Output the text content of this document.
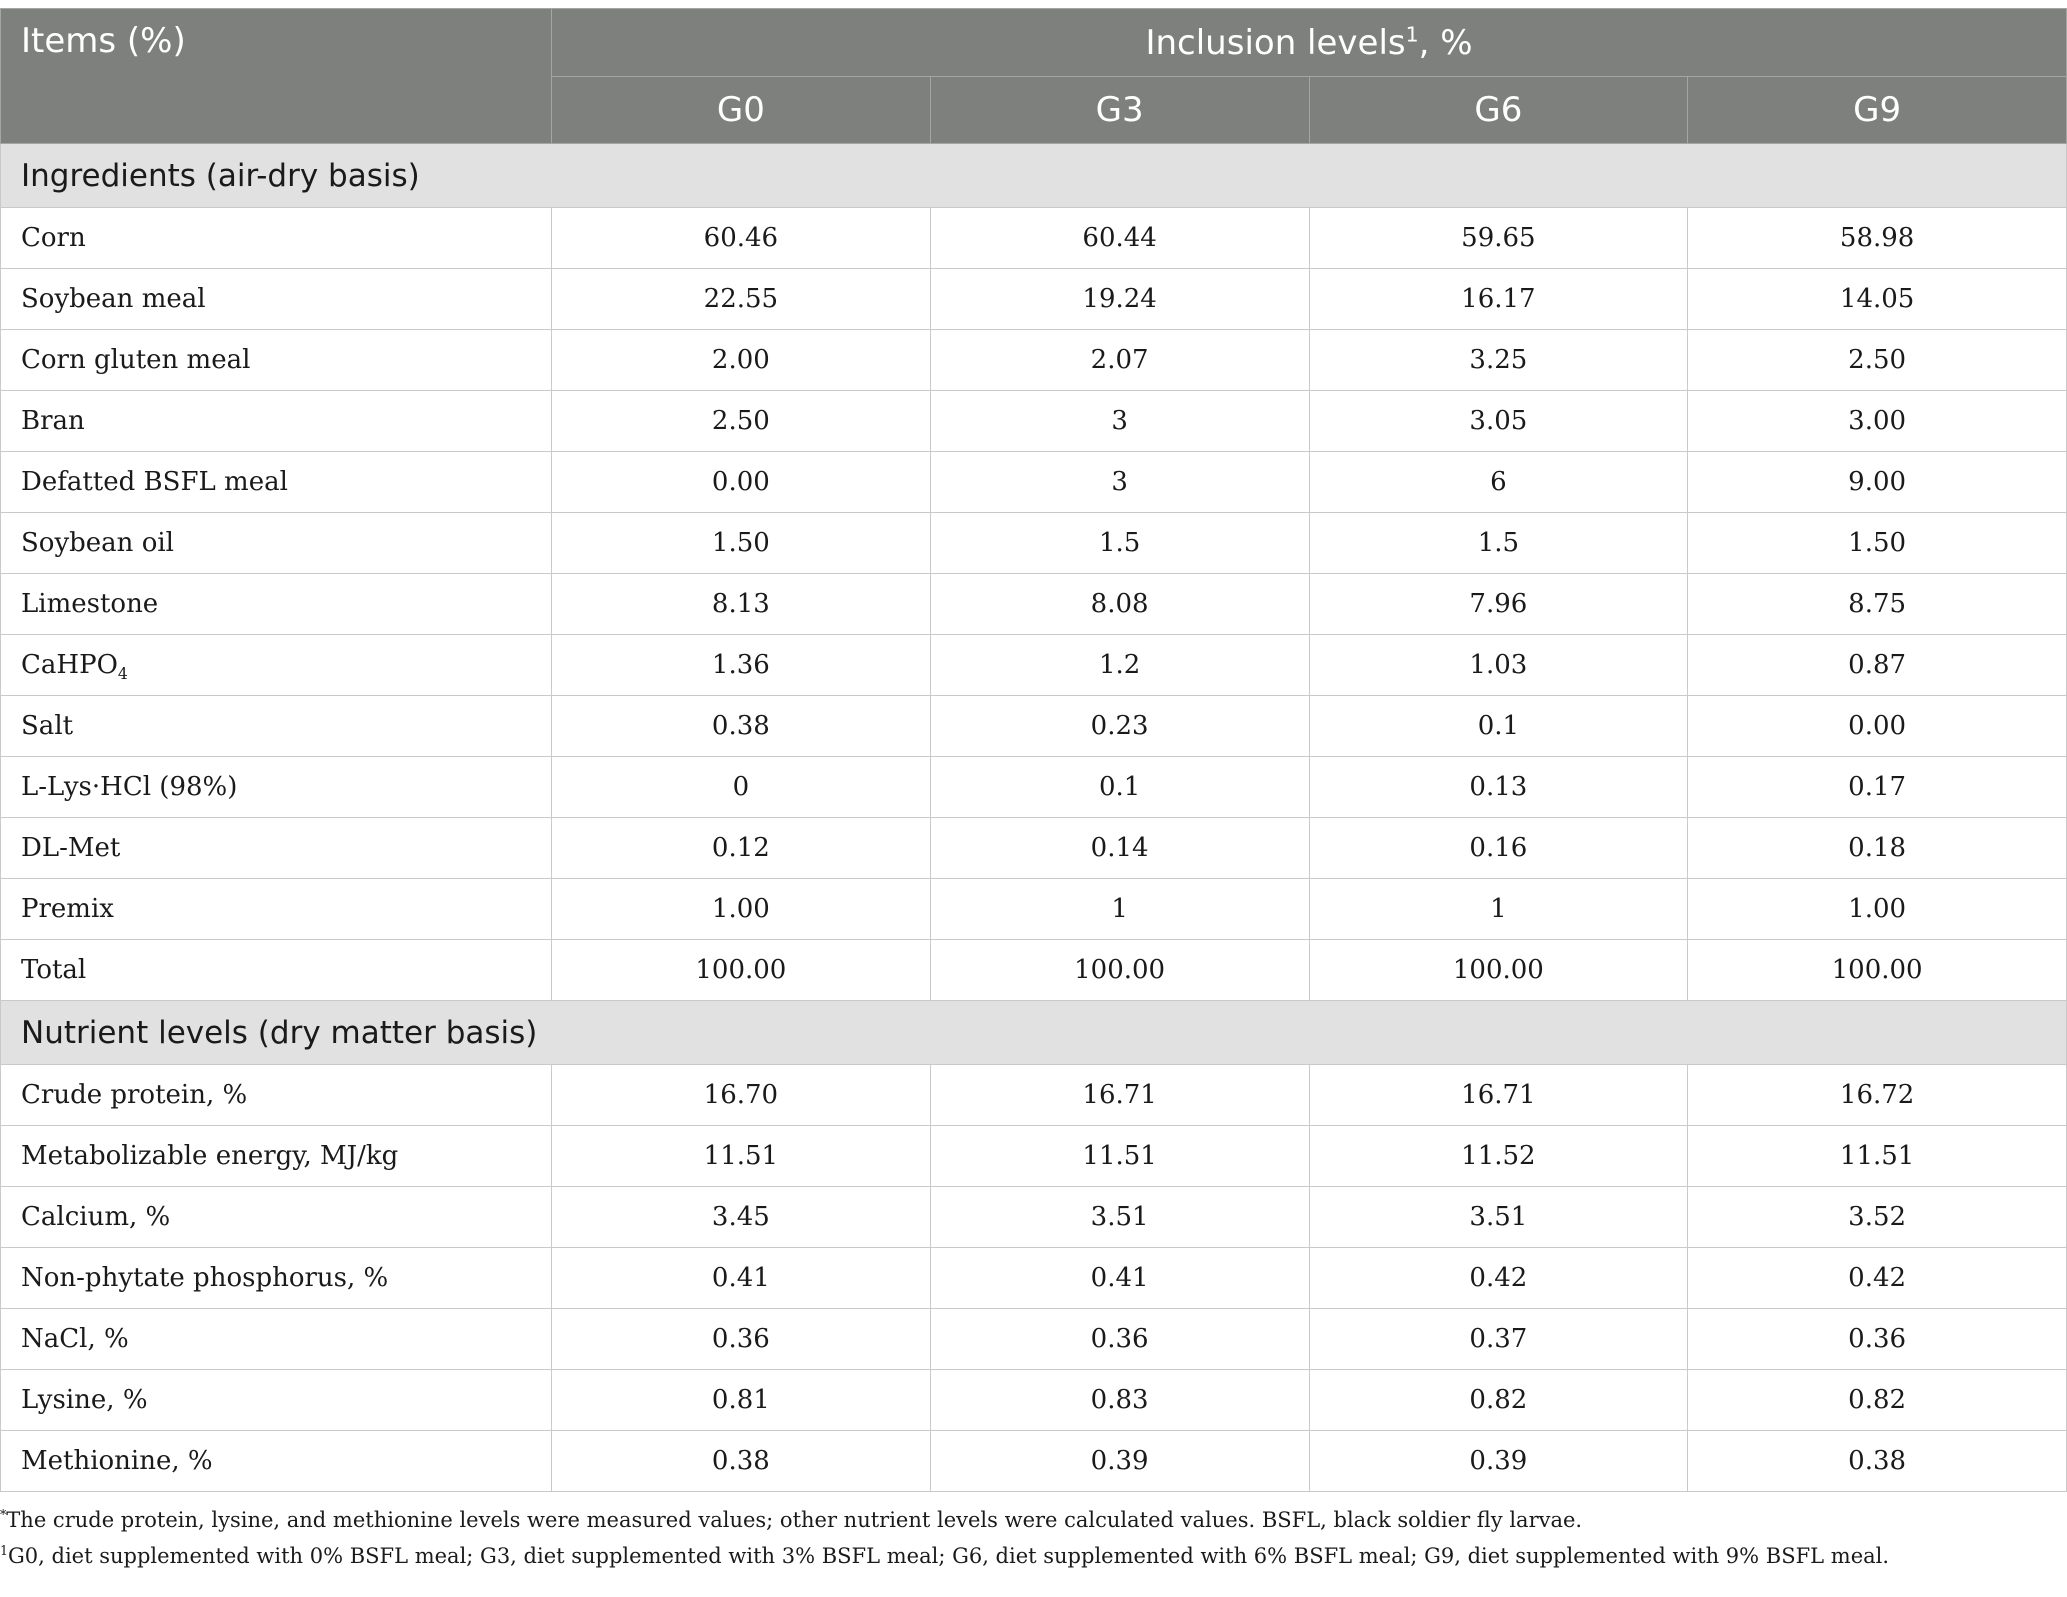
Items (%)	Inclusion levels$^1$, %			
	G0	G3	G6	G9
Ingredients (air-dry basis)				
Corn	60.46	60.44	59.65	58.98
Soybean meal	22.55	19.24	16.17	14.05
Corn gluten meal	2.00	2.07	3.25	2.50
Bran	2.50	3	3.05	3.00
Defatted BSFL meal	0.00	3	6	9.00
Soybean oil	1.50	1.5	1.5	1.50
Limestone	8.13	8.08	7.96	8.75
CaHPO$_4$	1.36	1.2	1.03	0.87
Salt	0.38	0.23	0.1	0.00
L-Lys·HCl (98%)	0	0.1	0.13	0.17
DL-Met	0.12	0.14	0.16	0.18
Premix	1.00	1	1	1.00
Total	100.00	100.00	100.00	100.00
Nutrient levels (dry matter basis)				
Crude protein, %	16.70	16.71	16.71	16.72
Metabolizable energy, MJ/kg	11.51	11.51	11.52	11.51
Calcium, %	3.45	3.51	3.51	3.52
Non-phytate phosphorus, %	0.41	0.41	0.42	0.42
NaCl, %	0.36	0.36	0.37	0.36
Lysine, %	0.81	0.83	0.82	0.82
Methionine, %	0.38	0.39	0.39	0.38

*The crude protein, lysine, and methionine levels were measured values; other nutrient levels were calculated values. BSFL, black soldier fly larvae.

$^1$G0, diet supplemented with 0% BSFL meal; G3, diet supplemented with 3% BSFL meal; G6, diet supplemented with 6% BSFL meal; G9, diet supplemented with 9% BSFL meal.
